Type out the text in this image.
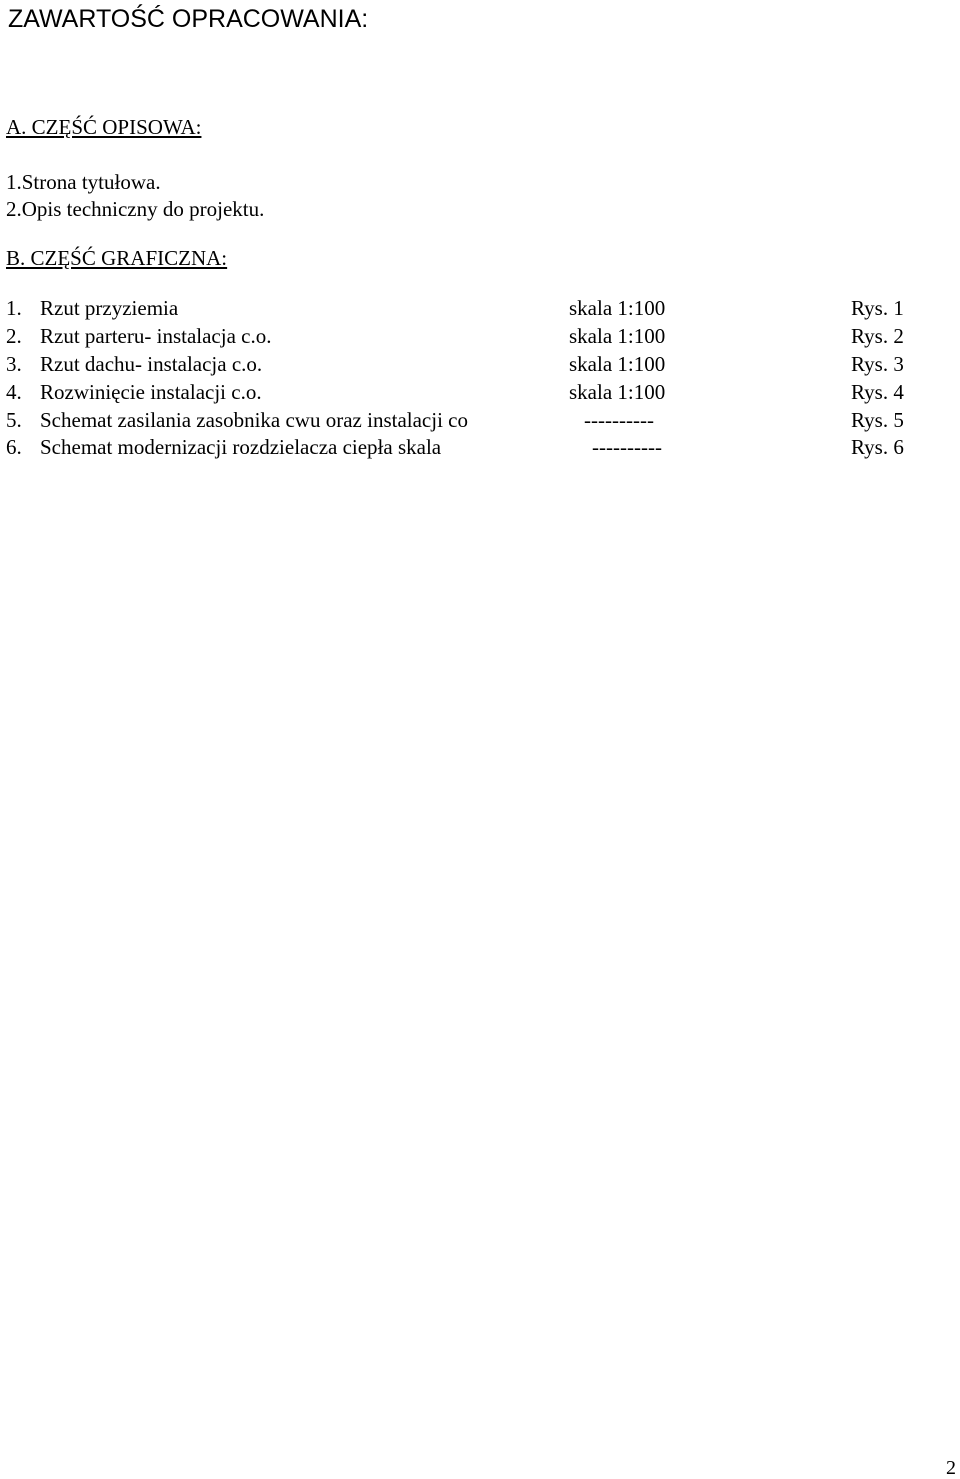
ZAWARTOŚĆ OPRACOWANIA:
A. CZĘŚĆ OPISOWA:
1.Strona tytułowa.
2.Opis techniczny do projektu.
B. CZĘŚĆ GRAFICZNA:
1. Rzut przyziemia	skala 1:100	Rys. 1
2. Rzut parteru- instalacja c.o.	skala 1:100	Rys. 2
3. Rzut dachu- instalacja c.o.	skala 1:100	Rys. 3
4. Rozwinięcie instalacji c.o.	skala 1:100	Rys. 4
5. Schemat zasilania zasobnika cwu oraz instalacji co	----------	Rys. 5
6. Schemat modernizacji rozdzielacza ciepła skala	----------	Rys. 6
2
